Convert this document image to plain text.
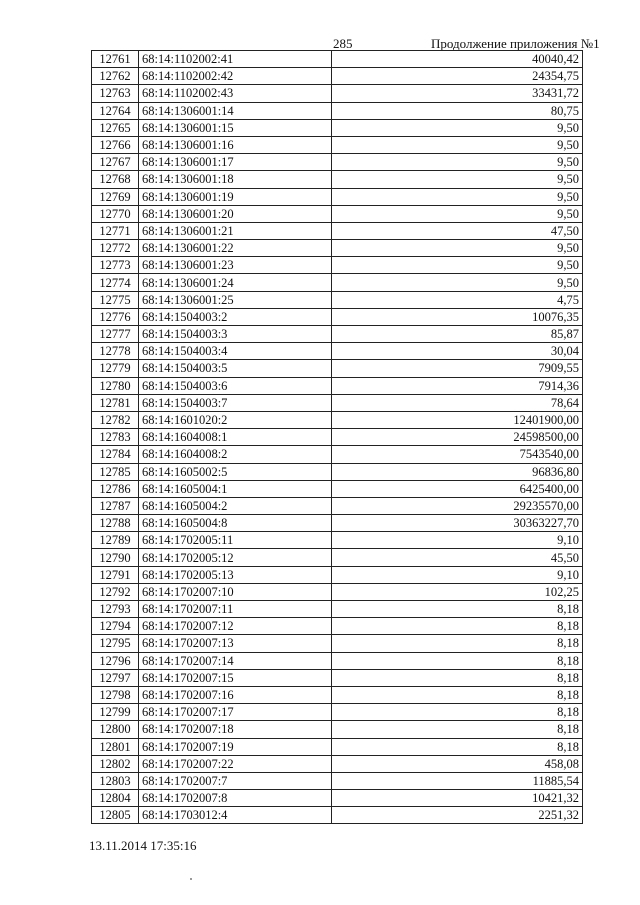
285	Продолжение приложения №1
12761	68:14:1102002:41	40040,42
12762	68:14:1102002:42	24354,75
12763	68:14:1102002:43	33431,72
12764	68:14:1306001:14	80,75
12765	68:14:1306001:15	9,50
12766	68:14:1306001:16	9,50
12767	68:14:1306001:17	9,50
12768	68:14:1306001:18	9,50
12769	68:14:1306001:19	9,50
12770	68:14:1306001:20	9,50
12771	68:14:1306001:21	47,50
12772	68:14:1306001:22	9,50
12773	68:14:1306001:23	9,50
12774	68:14:1306001:24	9,50
12775	68:14:1306001:25	4,75
12776	68:14:1504003:2	10076,35
12777	68:14:1504003:3	85,87
12778	68:14:1504003:4	30,04
12779	68:14:1504003:5	7909,55
12780	68:14:1504003:6	7914,36
12781	68:14:1504003:7	78,64
12782	68:14:1601020:2	12401900,00
12783	68:14:1604008:1	24598500,00
12784	68:14:1604008:2	7543540,00
12785	68:14:1605002:5	96836,80
12786	68:14:1605004:1	6425400,00
12787	68:14:1605004:2	29235570,00
12788	68:14:1605004:8	30363227,70
12789	68:14:1702005:11	9,10
12790	68:14:1702005:12	45,50
12791	68:14:1702005:13	9,10
12792	68:14:1702007:10	102,25
12793	68:14:1702007:11	8,18
12794	68:14:1702007:12	8,18
12795	68:14:1702007:13	8,18
12796	68:14:1702007:14	8,18
12797	68:14:1702007:15	8,18
12798	68:14:1702007:16	8,18
12799	68:14:1702007:17	8,18
12800	68:14:1702007:18	8,18
12801	68:14:1702007:19	8,18
12802	68:14:1702007:22	458,08
12803	68:14:1702007:7	11885,54
12804	68:14:1702007:8	10421,32
12805	68:14:1703012:4	2251,32
13.11.2014 17:35:16
